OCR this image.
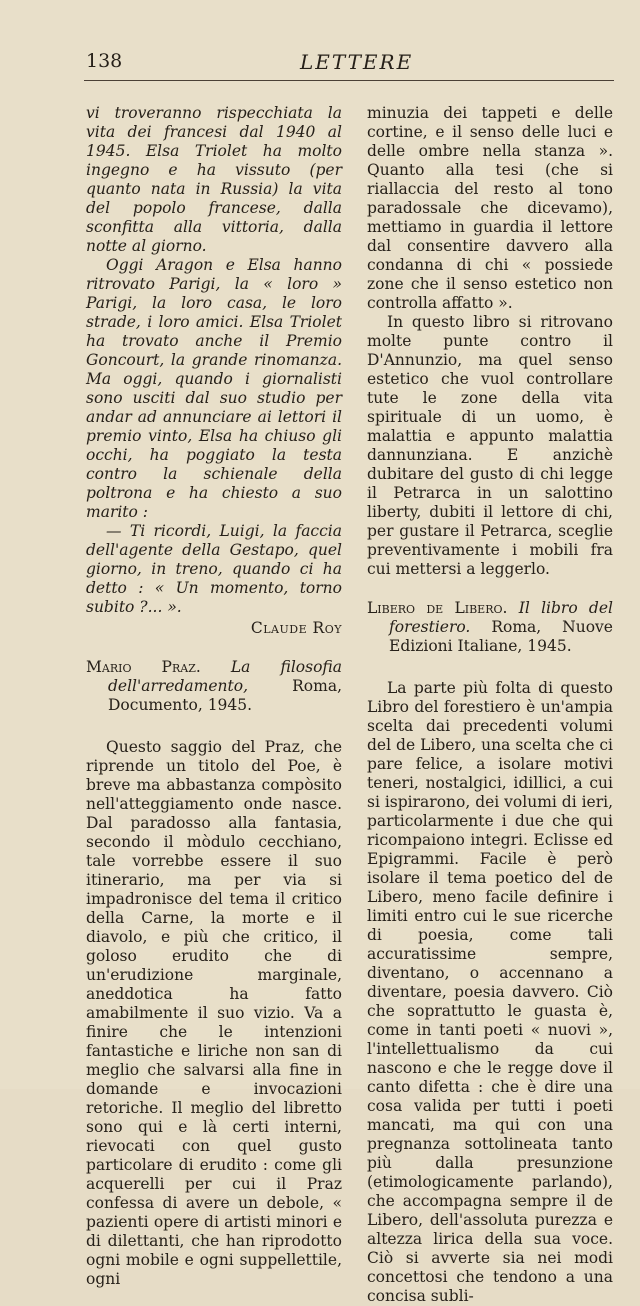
138	LETTERE

vi troveranno rispecchiata la vita dei francesi dal 1940 al 1945. Elsa Triolet ha molto ingegno e ha vissuto (per quanto nata in Russia) la vita del popolo francese, dalla sconfitta alla vittoria, dalla notte al giorno.

Oggi Aragon e Elsa hanno ritrovato Parigi, la « loro » Parigi, la loro casa, le loro strade, i loro amici. Elsa Triolet ha trovato anche il Premio Goncourt, la grande rinomanza. Ma oggi, quando i giornalisti sono usciti dal suo studio per andar ad annunciare ai lettori il premio vinto, Elsa ha chiuso gli occhi, ha poggiato la testa contro la schienale della poltrona e ha chiesto a suo marito :

— Ti ricordi, Luigi, la faccia dell'agente della Gestapo, quel giorno, in treno, quando ci ha detto : « Un momento, torno subito ?... ».

Claude Roy

Mario Praz. La filosofia dell'arredamento,	Roma, Documento, 1945.

Questo saggio del Praz, che riprende un titolo del Poe, è breve ma abbastanza compòsito nell'atteggiamento onde nasce. Dal paradosso alla fantasia, secondo il mòdulo cecchiano, tale vorrebbe essere il suo itinerario, ma per via si impadronisce del tema il critico della Carne, la morte e il diavolo, e più che critico, il goloso erudito che di un'erudizione marginale, aneddotica ha fatto amabilmente il suo vizio. Va a finire che le intenzioni fantastiche e liriche non san di meglio che salvarsi alla fine in domande e invocazioni retoriche. Il meglio del libretto sono qui e là certi interni, rievocati con quel gusto particolare di erudito : come gli acquerelli per cui il Praz confessa di avere un debole, « pazienti opere di artisti minori e di dilettanti, che han riprodotto ogni mobile e ogni suppellettile, ogni

minuzia dei tappeti e delle cortine, e il senso delle luci e delle ombre nella stanza ». Quanto alla tesi (che si riallaccia del resto al tono paradossale che dicevamo), mettiamo in guardia il lettore dal consentire davvero alla condanna di chi « possiede zone che il senso estetico non controlla affatto ».

In questo libro si ritrovano molte punte contro il D'Annunzio, ma quel senso estetico che vuol controllare tute le zone della vita spirituale di un uomo, è malattia e appunto malattia dannunziana. E anzichè dubitare del gusto di chi legge il Petrarca in un salottino liberty, dubiti il lettore di chi, per gustare il Petrarca, sceglie preventivamente i mobili fra cui mettersi a leggerlo.

Libero de Libero. Il libro del forestiero. Roma, Nuove Edizioni Italiane, 1945.

La parte più folta di questo Libro del forestiero è un'ampia scelta dai precedenti volumi del de Libero, una scelta che ci pare felice, a isolare motivi teneri, nostalgici, idillici, a cui si ispirarono, dei volumi di ieri, particolarmente i due che qui ricompaiono integri. Eclisse ed Epigrammi. Facile è però isolare il tema poetico del de Libero, meno facile definire i limiti entro cui le sue ricerche di poesia, come tali accuratissime sempre, diventano, o accennano a diventare, poesia davvero. Ciò che soprattutto le guasta è, come in tanti poeti « nuovi », l'intellettualismo da cui nascono e che le regge dove il canto difetta : che è dire una cosa valida per tutti i poeti mancati, ma qui con una pregnanza sottolineata tanto più dalla presunzione (etimologicamente parlando), che accompagna sempre il de Libero, dell'assoluta purezza e altezza lirica della sua voce. Ciò si avverte sia nei modi concettosi che tendono a una concisa subli-
